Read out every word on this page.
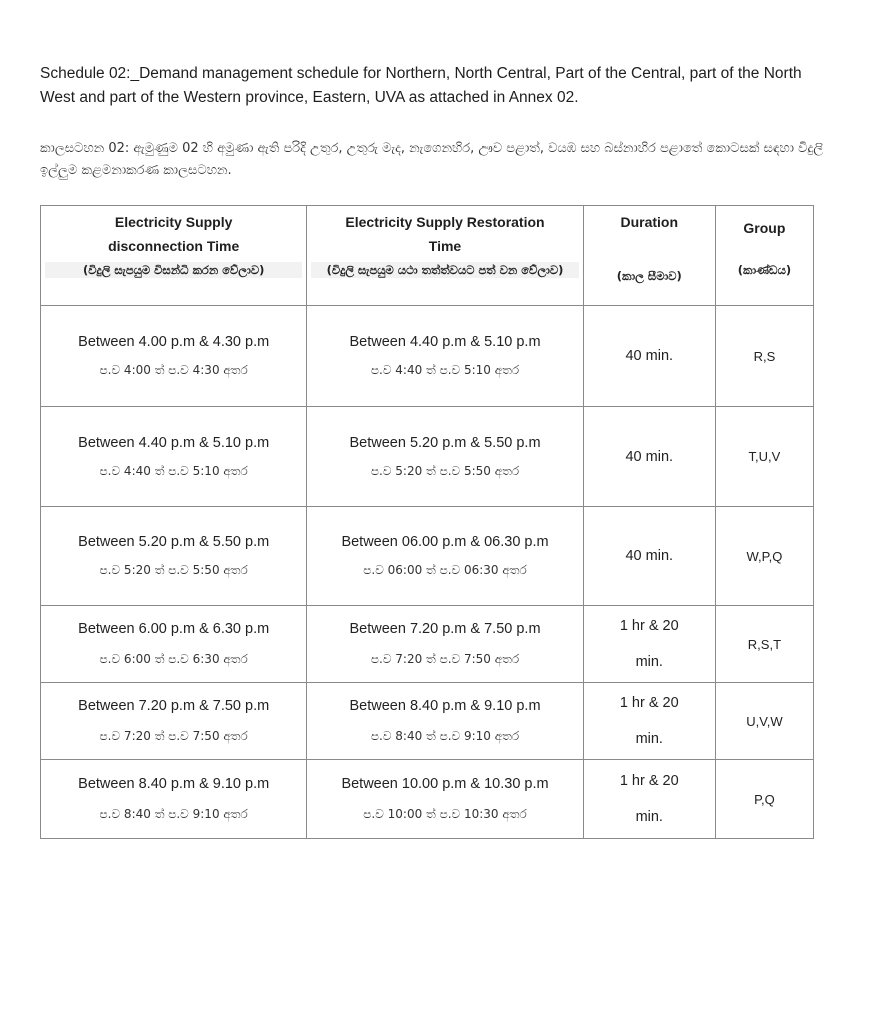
Schedule 02:_Demand management schedule for Northern, North Central, Part of the Central, part of the North West and part of the Western province, Eastern, UVA as attached in Annex 02.
කාලසටහන 02: ඇමුණුම 02 හි අමුණා ඇති පරිදි උතුර, උතුරු මැද, නැගෙනහිර, ඌව පළාත්, වයඹ සහ බස්නාහිර පළාතේ කොටසක් සඳහා විදුලි ඉල්ලුම කළමනාකරණ කාලසටහන.
Electricity Supply disconnection Time
(විදුලි සැපයුම විසන්ධි කරන වේලාව)	Electricity Supply Restoration Time
(විදුලි සැපයුම යථා තත්ත්වයට පත් වන වේලාව)	Duration
(කාල සීමාව)	Group
(කාණ්ඩය)

Between 4.00 p.m & 4.30 p.m
ප.ව 4:00 ත් ප.ව 4:30 අතර	Between 4.40 p.m & 5.10 p.m
ප.ව 4:40 ත් ප.ව 5:10 අතර	40 min.	R,S

Between 4.40 p.m & 5.10 p.m
ප.ව 4:40 ත් ප.ව 5:10 අතර	Between 5.20 p.m & 5.50 p.m
ප.ව 5:20 ත් ප.ව 5:50 අතර	40 min.	T,U,V

Between 5.20 p.m & 5.50 p.m
ප.ව 5:20 ත් ප.ව 5:50 අතර	Between 06.00 p.m & 06.30 p.m
ප.ව 06:00 ත් ප.ව 06:30 අතර	40 min.	W,P,Q

Between 6.00 p.m & 6.30 p.m
ප.ව 6:00 ත් ප.ව 6:30 අතර	Between 7.20 p.m & 7.50 p.m
ප.ව 7:20 ත් ප.ව 7:50 අතර	1 hr & 20
min.	R,S,T

Between 7.20 p.m & 7.50 p.m
ප.ව 7:20 ත් ප.ව 7:50 අතර	Between 8.40 p.m & 9.10 p.m
ප.ව 8:40 ත් ප.ව 9:10 අතර	1 hr & 20
min.	U,V,W

Between 8.40 p.m & 9.10 p.m
ප.ව 8:40 ත් ප.ව 9:10 අතර	Between 10.00 p.m & 10.30 p.m
ප.ව 10:00 ත් ප.ව 10:30 අතර	1 hr & 20
min.	P,Q
